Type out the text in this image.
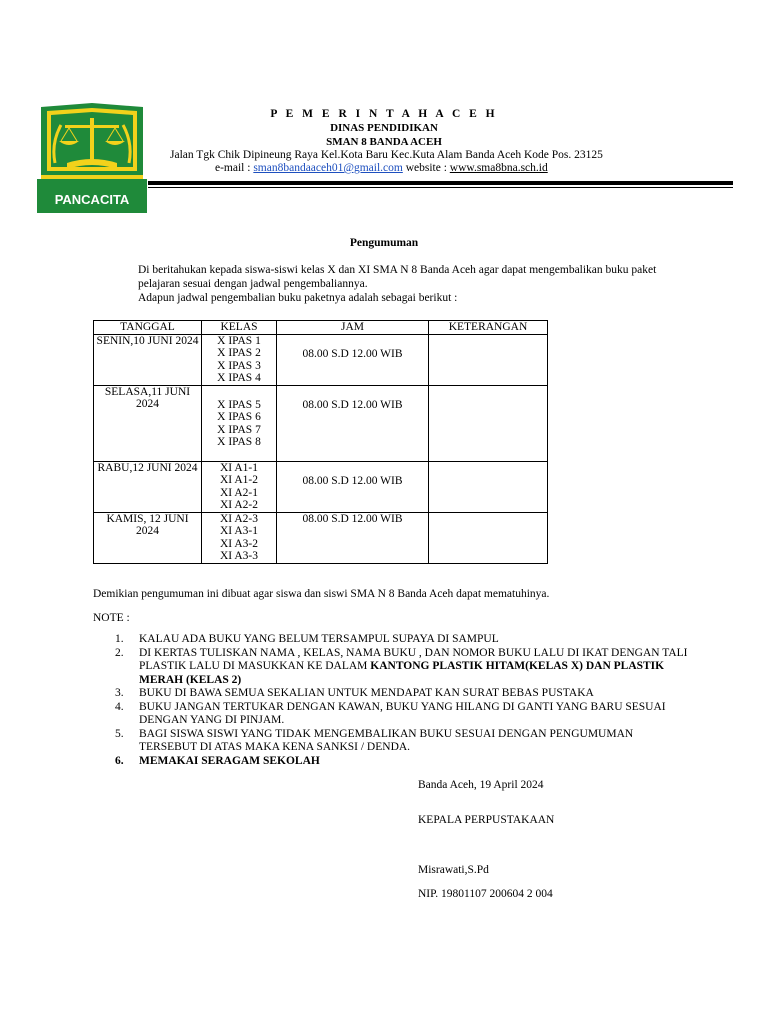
PANCACITA
P E M E R I N T A H A C E H
DINAS PENDIDIKAN
SMAN 8 BANDA ACEH
Jalan Tgk Chik Dipineung Raya Kel.Kota Baru Kec.Kuta Alam Banda Aceh Kode Pos. 23125
e-mail : sman8bandaaceh01@gmail.com website : www.sma8bna.sch.id
Pengumuman
Di beritahukan kepada siswa-siswi kelas X dan XI SMA N 8 Banda Aceh agar dapat mengembalikan buku paket pelajaran sesuai dengan jadwal pengembaliannya.
Adapun jadwal pengembalian buku paketnya adalah sebagai berikut :
TANGGAL	KELAS	JAM	KETERANGAN
SENIN,10 JUNI 2024	X IPAS 1
X IPAS 2
X IPAS 3
X IPAS 4	08.00 S.D 12.00 WIB	
SELASA,11 JUNI 2024	X IPAS 5
X IPAS 6
X IPAS 7
X IPAS 8	08.00 S.D 12.00 WIB	
RABU,12 JUNI 2024	XI A1-1
XI A1-2
XI A2-1
XI A2-2	08.00 S.D 12.00 WIB	
KAMIS, 12 JUNI 2024	XI A2-3
XI A3-1
XI A3-2
XI A3-3	08.00 S.D 12.00 WIB	
Demikian pengumuman ini dibuat agar siswa dan siswi SMA N 8 Banda Aceh dapat mematuhinya.
NOTE :
1. KALAU ADA BUKU YANG BELUM TERSAMPUL SUPAYA DI SAMPUL
2. DI KERTAS TULISKAN NAMA , KELAS, NAMA BUKU , DAN NOMOR BUKU LALU DI IKAT DENGAN TALI PLASTIK LALU DI MASUKKAN KE DALAM KANTONG PLASTIK HITAM(KELAS X) DAN PLASTIK MERAH (KELAS 2)
3. BUKU DI BAWA SEMUA SEKALIAN UNTUK MENDAPAT KAN SURAT BEBAS PUSTAKA
4. BUKU JANGAN TERTUKAR DENGAN KAWAN, BUKU YANG HILANG DI GANTI YANG BARU SESUAI DENGAN YANG DI PINJAM.
5. BAGI SISWA SISWI YANG TIDAK MENGEMBALIKAN BUKU SESUAI DENGAN PENGUMUMAN TERSEBUT DI ATAS MAKA KENA SANKSI / DENDA.
6. MEMAKAI SERAGAM SEKOLAH
Banda Aceh, 19 April 2024
KEPALA PERPUSTAKAAN
Misrawati,S.Pd
NIP. 19801107 200604 2 004
